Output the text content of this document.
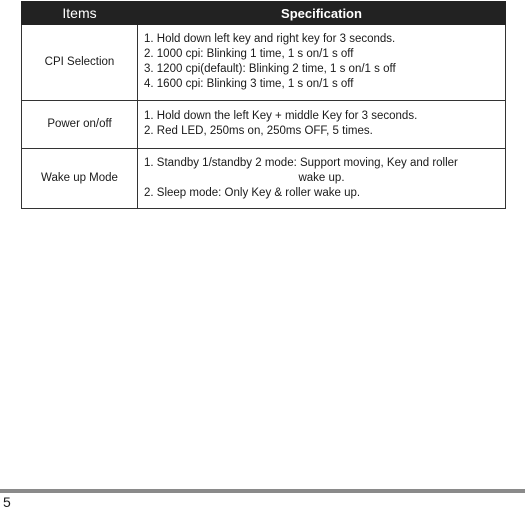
Items	Specification
CPI Selection	1. Hold down left key and right key for 3 seconds.
2. 1000 cpi: Blinking 1 time, 1 s on/1 s off
3. 1200 cpi(default): Blinking 2 time, 1 s on/1 s off
4. 1600 cpi: Blinking 3 time, 1 s on/1 s off

Power on/off	1. Hold down the left Key + middle Key for 3 seconds.
2. Red LED, 250ms on, 250ms OFF, 5 times.

Wake up Mode	1. Standby 1/standby 2 mode: Support moving, Key and roller
wake up.
2. Sleep mode: Only Key & roller wake up.
5
